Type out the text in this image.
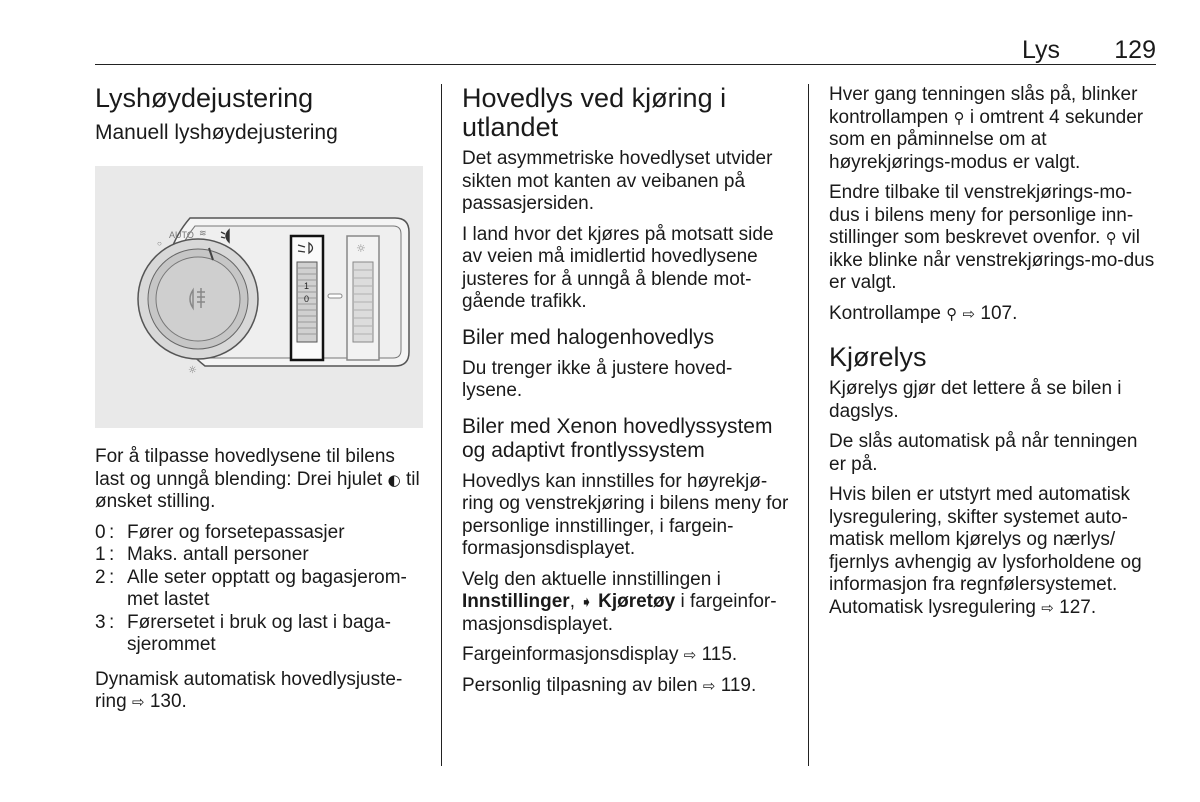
Lys 129
Lyshøydejustering
Manuell lyshøydejustering
○
AUTO ≋
☼
1
0
☼

For å tilpasse hovedlysene til bilens last og unngå blending: Drei hjulet ◐ til ønsket stilling.

0 : Fører og forsetepassasjer
1 : Maks. antall personer
2 : Alle seter opptatt og bagasjerom-met lastet
3 : Førersetet i bruk og last i baga-sjerommet

Dynamisk automatisk hovedlysjuste-ring ⇨ 130.

Hovedlys ved kjøring i utlandet

Det asymmetriske hovedlyset utvider sikten mot kanten av veibanen på passasjersiden.

I land hvor det kjøres på motsatt side av veien må imidlertid hovedlysene justeres for å unngå å blende mot-gående trafikk.

Biler med halogenhovedlys

Du trenger ikke å justere hoved-lysene.

Biler med Xenon hovedlyssystem og adaptivt frontlyssystem

Hovedlys kan innstilles for høyrekjø-ring og venstrekjøring i bilens meny for personlige innstillinger, i fargein-formasjonsdisplayet.

Velg den aktuelle innstillingen i Innstillinger, ➧ Kjøretøy i fargeinfor-masjonsdisplayet.

Fargeinformasjonsdisplay ⇨ 115.

Personlig tilpasning av bilen ⇨ 119.

Hver gang tenningen slås på, blinker kontrollampen ⚲ i omtrent 4 sekunder som en påminnelse om at høyrekjørings-modus er valgt.

Endre tilbake til venstrekjørings-mo-dus i bilens meny for personlige inn-stillinger som beskrevet ovenfor. ⚲ vil ikke blinke når venstrekjørings-mo-dus er valgt.

Kontrollampe ⚲ ⇨ 107.

Kjørelys

Kjørelys gjør det lettere å se bilen i dagslys.

De slås automatisk på når tenningen er på.

Hvis bilen er utstyrt med automatisk lysregulering, skifter systemet auto-matisk mellom kjørelys og nærlys/ fjernlys avhengig av lysforholdene og informasjon fra regnfølersystemet. Automatisk lysregulering ⇨ 127.
